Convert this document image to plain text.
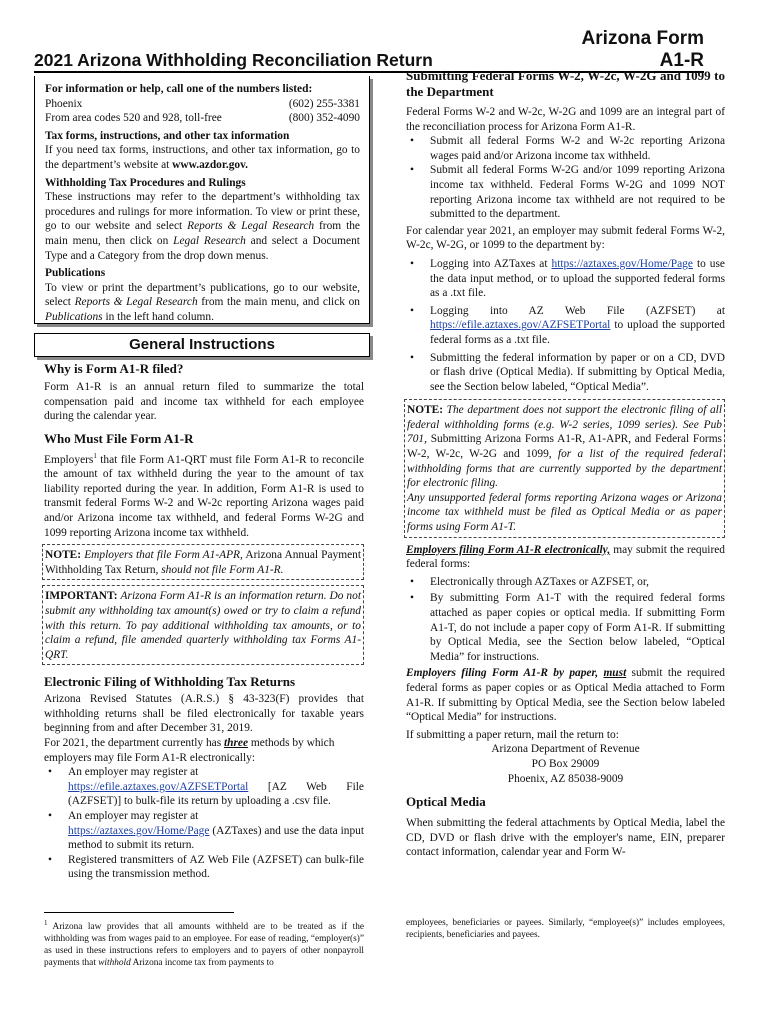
2021 Arizona Withholding Reconciliation Return
Arizona Form
A1-R
For information or help, call one of the numbers listed:
Phoenix	(602) 255-3381
From area codes 520 and 928, toll-free	(800) 352-4090
Tax forms, instructions, and other tax information

If you need tax forms, instructions, and other tax information, go to the department’s website at www.azdor.gov.

Withholding Tax Procedures and Rulings

These instructions may refer to the department’s withholding tax procedures and rulings for more information. To view or print these, go to our website and select Reports & Legal Research from the main menu, then click on Legal Research and select a Document Type and a Category from the drop down menus.

Publications

To view or print the department’s publications, go to our website, select Reports & Legal Research from the main menu, and click on Publications in the left hand column.

General Instructions
Why is Form A1-R filed?

Form A1-R is an annual return filed to summarize the total compensation paid and income tax withheld for each employee during the calendar year.

Who Must File Form A1-R

Employers$^1$ that file Form A1-QRT must file Form A1-R to reconcile the amount of tax withheld during the year to the amount of tax liability reported during the year. In addition, Form A1-R is used to transmit federal Forms W-2 and W-2c reporting Arizona wages paid and/or Arizona income tax withheld, and federal Forms W-2G and 1099 reporting Arizona income tax withheld.

NOTE: Employers that file Form A1-APR, Arizona Annual Payment Withholding Tax Return, should not file Form A1-R.
IMPORTANT: Arizona Form A1-R is an information return. Do not submit any withholding tax amount(s) owed or try to claim a refund with this return. To pay additional withholding tax amounts, or to claim a refund, file amended quarterly withholding tax Forms A1-QRT.
Electronic Filing of Withholding Tax Returns

Arizona Revised Statutes (A.R.S.) § 43-323(F) provides that withholding returns shall be filed electronically for taxable years beginning from and after December 31, 2019.

For 2021, the department currently has three methods by which employers may file Form A1-R electronically:

• An employer may register at
https://efile.aztaxes.gov/AZFSETPortal [AZ Web File (AZFSET)] to bulk-file its return by uploading a .csv file.
• An employer may register at
https://aztaxes.gov/Home/Page (AZTaxes) and use the data input method to submit its return.
• Registered transmitters of AZ Web File (AZFSET) can bulk-file using the transmission method.
Submitting Federal Forms W-2, W-2c, W-2G and 1099 to the Department

Federal Forms W-2 and W-2c, W-2G and 1099 are an integral part of the reconciliation process for Arizona Form A1-R.

• Submit all federal Forms W-2 and W-2c reporting Arizona wages paid and/or Arizona income tax withheld.
• Submit all federal Forms W-2G and/or 1099 reporting Arizona income tax withheld. Federal Forms W-2G and 1099 NOT reporting Arizona income tax withheld are not required to be submitted to the department.

For calendar year 2021, an employer may submit federal Forms W-2, W-2c, W-2G, or 1099 to the department by:

• Logging into AZTaxes at https://aztaxes.gov/Home/Page to use the data input method, or to upload the supported federal forms as a .txt file.
• Logging into AZ Web File (AZFSET) at https://efile.aztaxes.gov/AZFSETPortal to upload the supported federal forms as a .txt file.
• Submitting the federal information by paper or on a CD, DVD or flash drive (Optical Media). If submitting by Optical Media, see the Section below labeled, “Optical Media”.
NOTE: The department does not support the electronic filing of all federal withholding forms (e.g. W-2 series, 1099 series). See Pub 701, Submitting Arizona Forms A1-R, A1-APR, and Federal Forms W-2, W-2c, W-2G and 1099, for a list of the required federal withholding forms that are currently supported by the department for electronic filing.
Any unsupported federal forms reporting Arizona wages or Arizona income tax withheld must be filed as Optical Media or as paper forms using Form A1-T.

Employers filing Form A1-R electronically, may submit the required federal forms:

• Electronically through AZTaxes or AZFSET, or,
• By submitting Form A1-T with the required federal forms attached as paper copies or optical media. If submitting Form A1-T, do not include a paper copy of Form A1-R. If submitting by Optical Media, see the Section below labeled, “Optical Media” for instructions.

Employers filing Form A1-R by paper, must submit the required federal forms as paper copies or as Optical Media attached to Form A1-R. If submitting by Optical Media, see the Section below labeled “Optical Media” for instructions.

If submitting a paper return, mail the return to:

Arizona Department of Revenue
PO Box 29009
Phoenix, AZ 85038-9009
Optical Media

When submitting the federal attachments by Optical Media, label the CD, DVD or flash drive with the employer's name, EIN, preparer contact information, calendar year and Form W-

$^1$ Arizona law provides that all amounts withheld are to be treated as if the withholding was from wages paid to an employee. For ease of reading, “employer(s)” as used in these instructions refers to employers and to payers of other nonpayroll payments that withhold Arizona income tax from payments to
employees, beneficiaries or payees. Similarly, “employee(s)” includes employees, recipients, beneficiaries and payees.
